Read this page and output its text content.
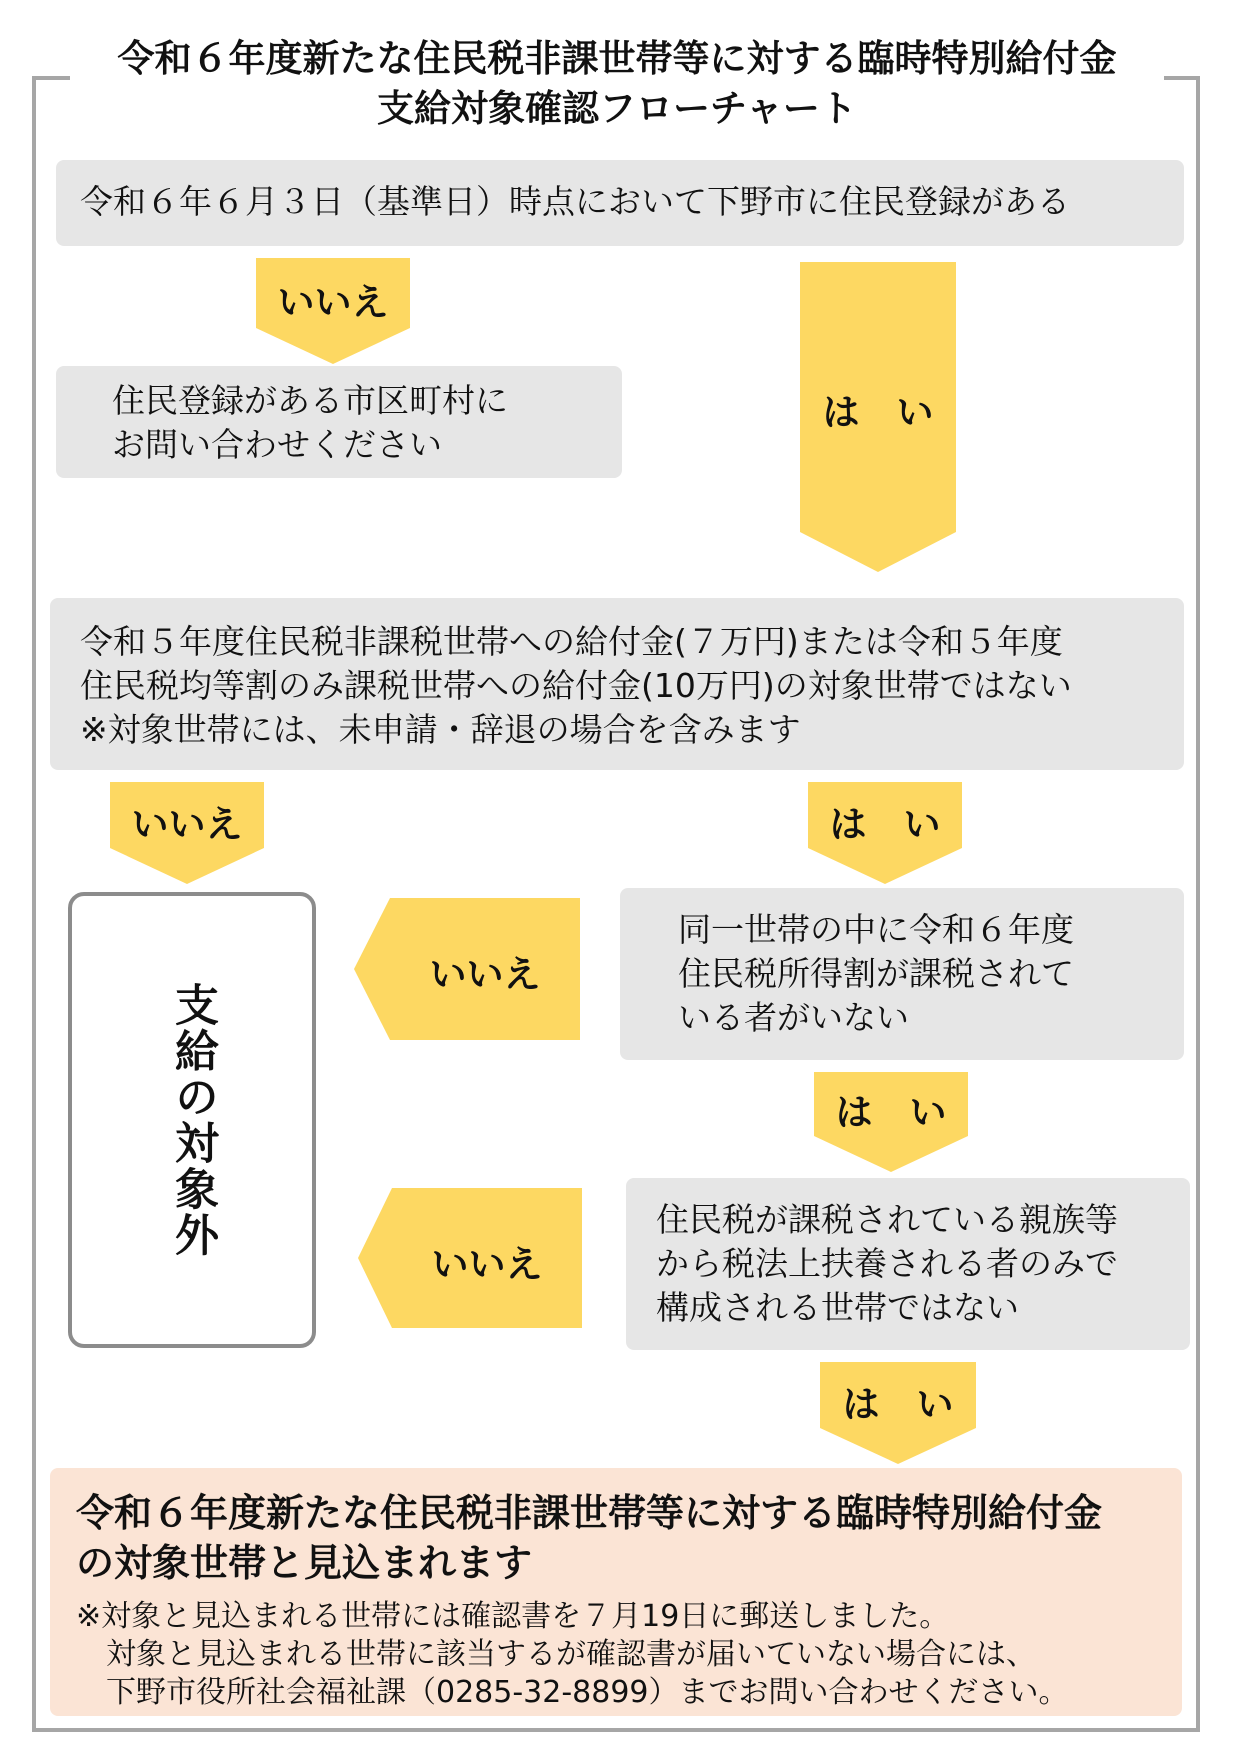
令和６年度新たな住民税非課世帯等に対する臨時特別給付金
支給対象確認フローチャート
令和６年６月３日（基準日）時点において下野市に住民登録がある
いいえ
住民登録がある市区町村に
お問い合わせください
は　い
令和５年度住民税非課税世帯への給付金(７万円)または令和５年度
住民税均等割のみ課税世帯への給付金(10万円)の対象世帯ではない
※対象世帯には、未申請・辞退の場合を含みます
いいえ	は　い
支給の対象外
同一世帯の中に令和６年度
住民税所得割が課税されて
いる者がいない
いいえ
は　い
住民税が課税されている親族等
から税法上扶養される者のみで
構成される世帯ではない
いいえ
は　い
令和６年度新たな住民税非課世帯等に対する臨時特別給付金
の対象世帯と見込まれます
※対象と見込まれる世帯には確認書を７月19日に郵送しました。
対象と見込まれる世帯に該当するが確認書が届いていない場合には、
下野市役所社会福祉課（0285-32-8899）までお問い合わせください。
